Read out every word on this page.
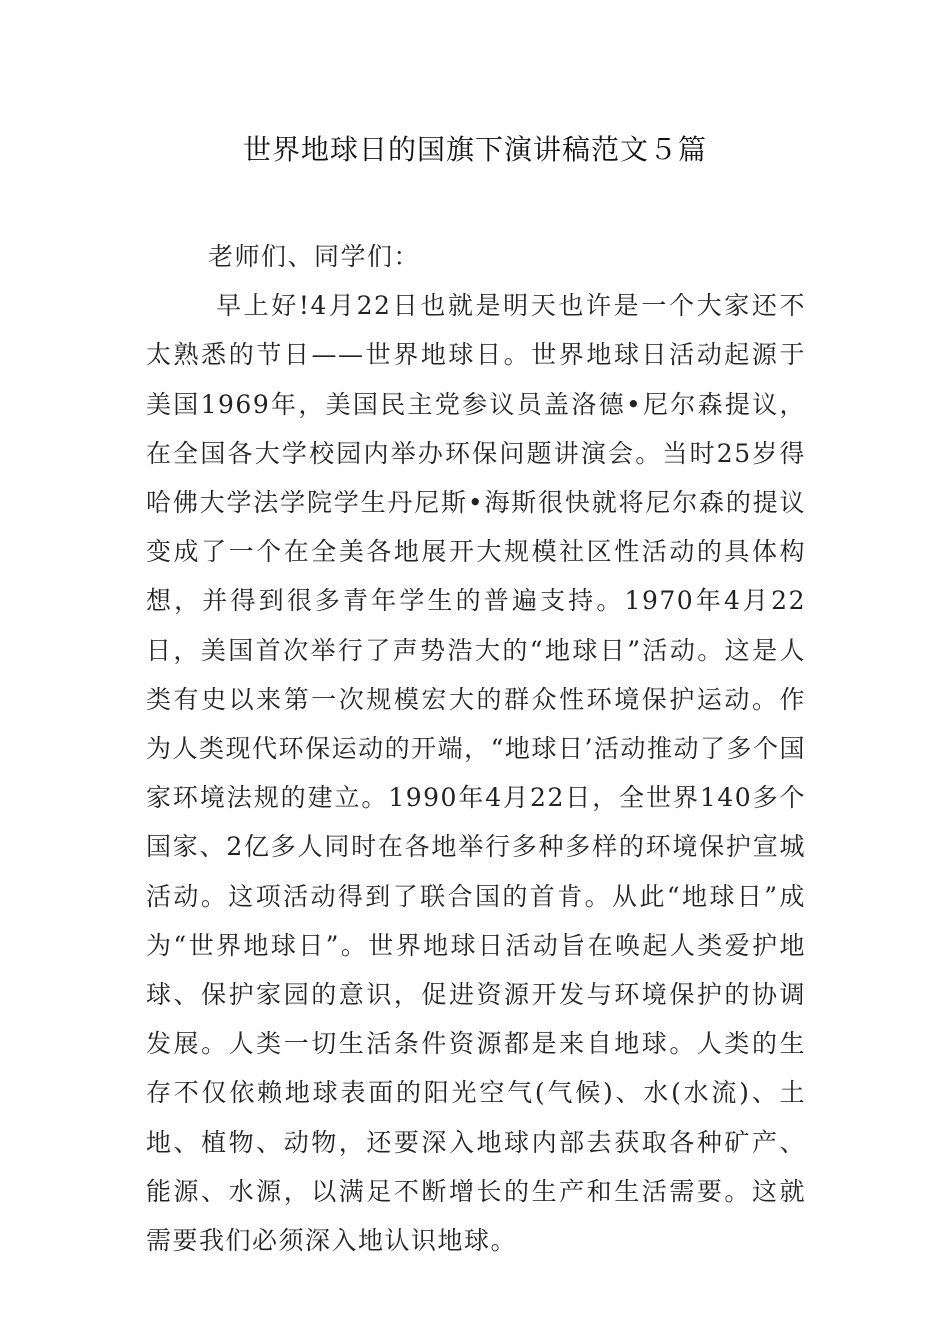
世界地球日的国旗下演讲稿范文５篇

老师们、同学们：

早上好!4月22日也就是明天也许是一个大家还不太熟悉的节日——世界地球日。世界地球日活动起源于美国1969年，美国民主党参议员盖洛德•尼尔森提议，在全国各大学校园内举办环保问题讲演会。当时25岁得哈佛大学法学院学生丹尼斯•海斯很快就将尼尔森的提议变成了一个在全美各地展开大规模社区性活动的具体构想，并得到很多青年学生的普遍支持。1970年4月22日，美国首次举行了声势浩大的“地球日”活动。这是人类有史以来第一次规模宏大的群众性环境保护运动。作为人类现代环保运动的开端，“地球日’活动推动了多个国家环境法规的建立。1990年4月22日，全世界140多个国家、2亿多人同时在各地举行多种多样的环境保护宣城活动。这项活动得到了联合国的首肯。从此“地球日”成为“世界地球日”。世界地球日活动旨在唤起人类爱护地球、保护家园的意识，促进资源开发与环境保护的协调发展。人类一切生活条件资源都是来自地球。人类的生存不仅依赖地球表面的阳光空气(气候)、水(水流)、土地、植物、动物，还要深入地球内部去获取各种矿产、能源、水源，以满足不断增长的生产和生活需要。这就需要我们必须深入地认识地球。
